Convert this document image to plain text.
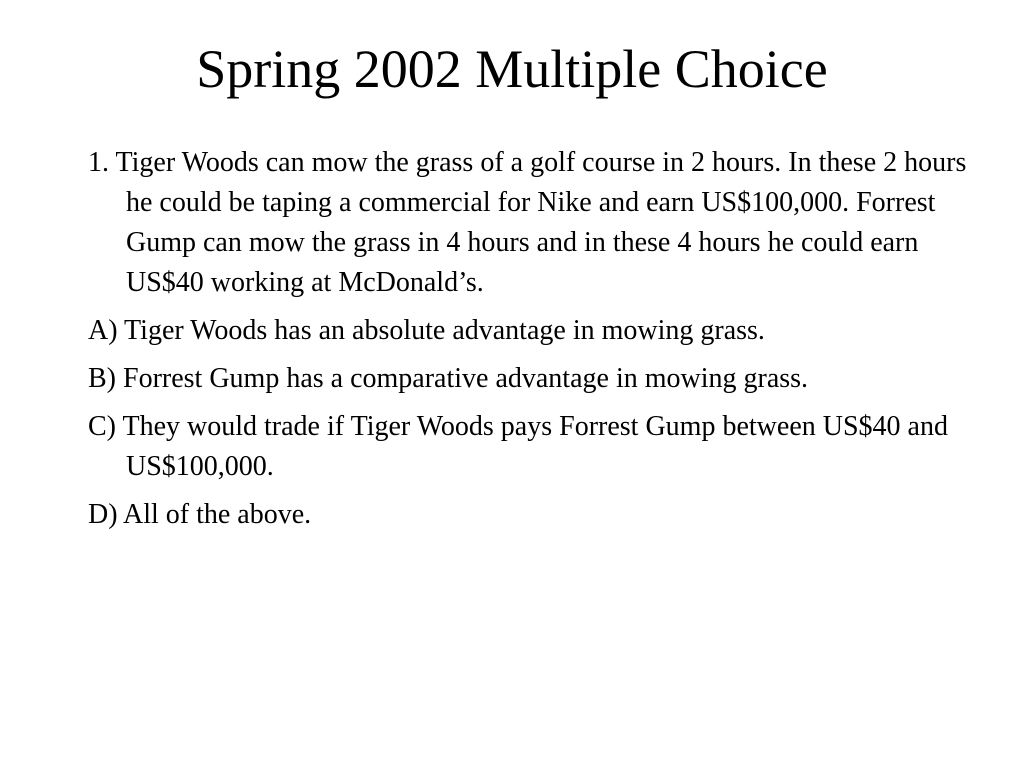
Spring 2002 Multiple Choice

1. Tiger Woods can mow the grass of a golf course in 2 hours. In these 2 hours he could be taping a commercial for Nike and earn US$100,000. Forrest Gump can mow the grass in 4 hours and in these 4 hours he could earn US$40 working at McDonald’s.

A) Tiger Woods has an absolute advantage in mowing grass.

B) Forrest Gump has a comparative advantage in mowing grass.

C) They would trade if Tiger Woods pays Forrest Gump between US$40 and US$100,000.

D) All of the above.
